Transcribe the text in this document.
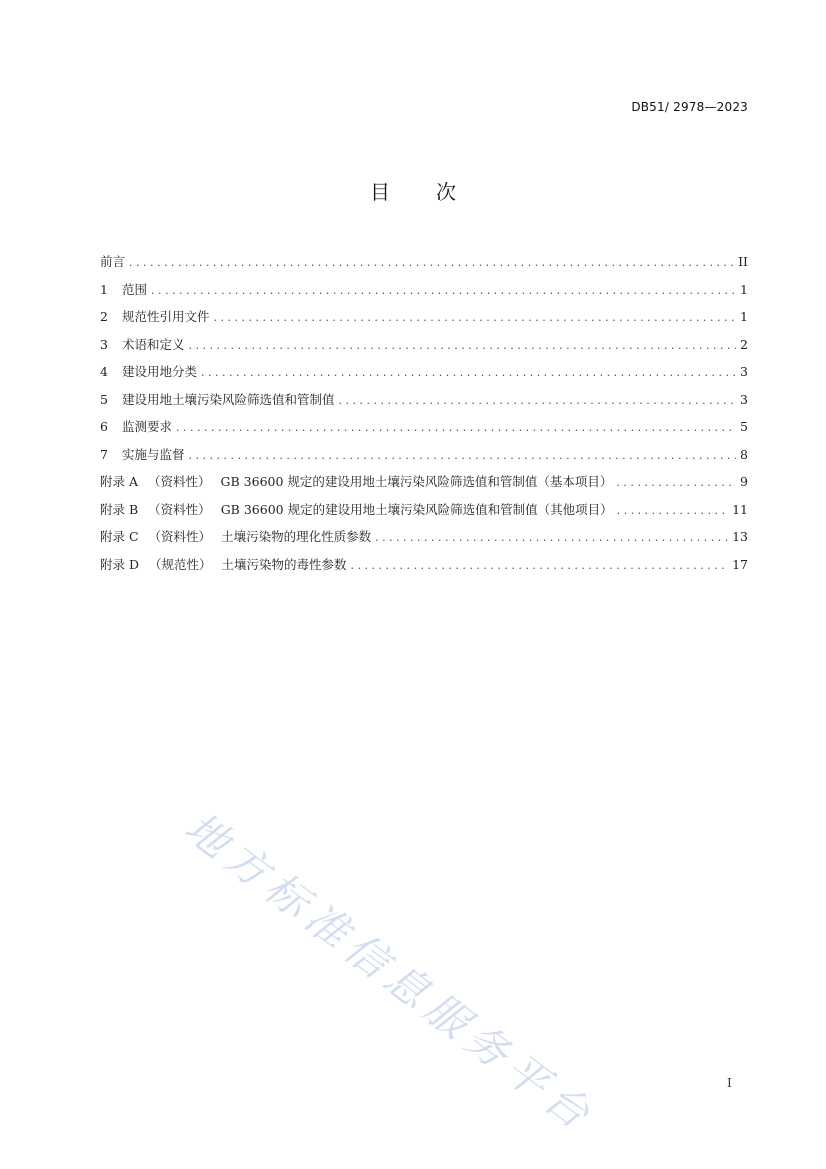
DB51/ 2978—2023
目 次
前言 . . .	II
1	范围 . . .	1
2	规范性引用文件 . . .	1
3	术语和定义 . . .	2
4	建设用地分类 . . .	3
5	建设用地土壤污染风险筛选值和管制值 . . .	3
6	监测要求 . . .	5
7	实施与监督 . . .	8
附录 A （资料性） GB 36600 规定的建设用地土壤污染风险筛选值和管制值（基本项目） . . .	9
附录 B （资料性） GB 36600 规定的建设用地土壤污染风险筛选值和管制值（其他项目） . . .	11
附录 C （资料性） 土壤污染物的理化性质参数 . . .	13
附录 D （规范性） 土壤污染物的毒性参数 . . .	17
地方标准信息服务平台	I
